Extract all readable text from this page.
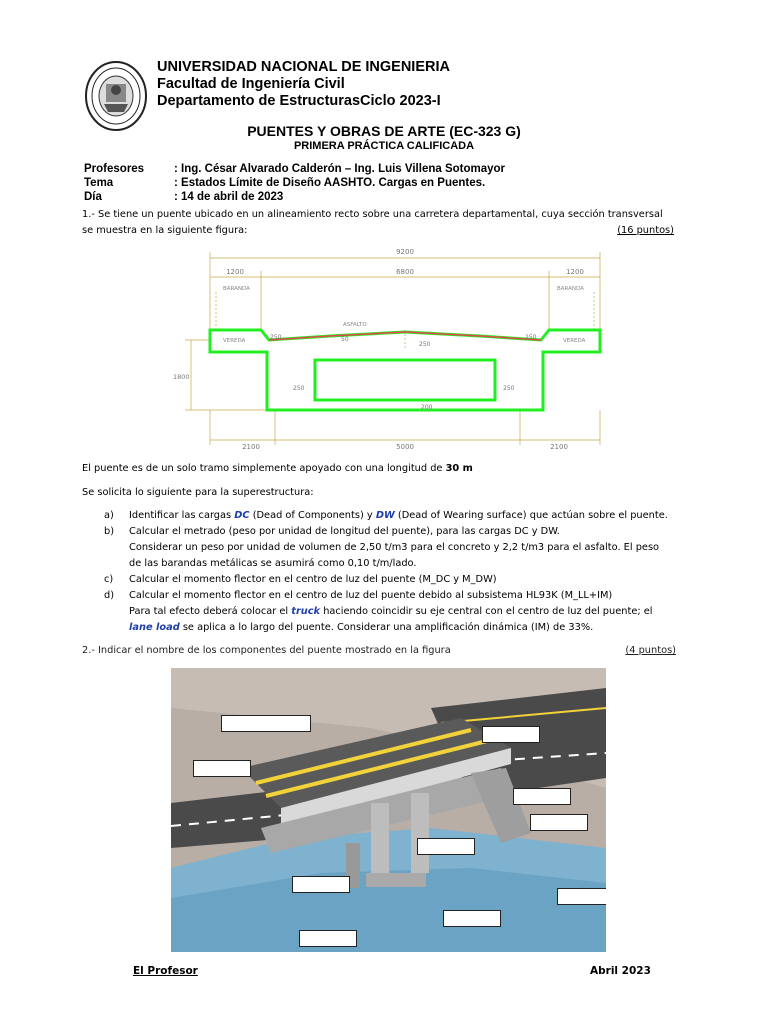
UNIVERSIDAD NACIONAL DE INGENIERIA
Facultad de Ingeniería Civil
Departamento de EstructurasCiclo 2023-I
PUENTES Y OBRAS DE ARTE (EC-323 G)
PRIMERA PRÁCTICA CALIFICADA
Profesores	: Ing. César Alvarado Calderón – Ing. Luis Villena Sotomayor
Tema	: Estados Límite de Diseño AASHTO. Cargas en Puentes.
Día	: 14 de abril de 2023
1.- Se tiene un puente ubicado en un alineamiento recto sobre una carretera departamental, cuya sección transversal
se muestra en la siguiente figura:	(16 puntos)
9200
1200	6800	1200
BARANDA	BARANDA
ASFALTO
VEREDA	VEREDA
250	50
250
250
1800
250	250
200
2100	5000	2100
El puente es de un solo tramo simplemente apoyado con una longitud de 30 m
Se solicita lo siguiente para la superestructura:
a)	Identificar las cargas DC (Dead of Components) y DW (Dead of Wearing surface) que actúan sobre el puente.
b)	Calcular el metrado (peso por unidad de longitud del puente), para las cargas DC y DW.
Considerar un peso por unidad de volumen de 2,50 t/m3 para el concreto y 2,2 t/m3 para el asfalto. El peso
de las barandas metálicas se asumirá como 0,10 t/m/lado.
c)	Calcular el momento flector en el centro de luz del puente (M_DC y M_DW)
d)	Calcular el momento flector en el centro de luz del puente debido al subsistema HL93K (M_LL+IM)
Para tal efecto deberá colocar el truck haciendo coincidir su eje central con el centro de luz del puente; el
lane load se aplica a lo largo del puente. Considerar una amplificación dinámica (IM) de 33%.
2.- Indicar el nombre de los componentes del puente mostrado en la figura	(4 puntos)
El Profesor	Abril 2023
